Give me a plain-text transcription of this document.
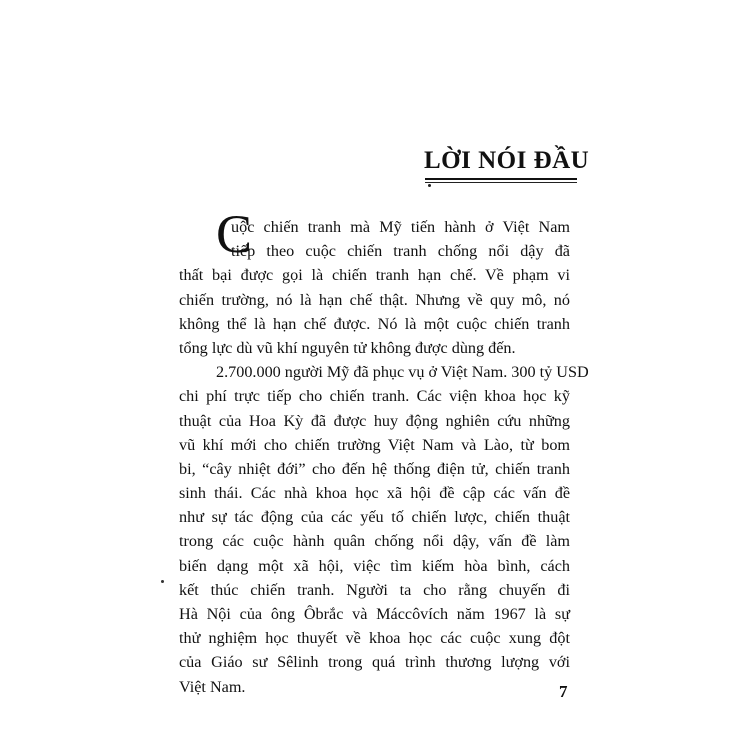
LỜI NÓI ĐẦU
C
uộc chiến tranh mà Mỹ tiến hành ở Việt Nam
tiếp theo cuộc chiến tranh chống nổi dậy đã
thất bại được gọi là chiến tranh hạn chế. Về phạm vi
chiến trường, nó là hạn chế thật. Nhưng về quy mô, nó
không thể là hạn chế được. Nó là một cuộc chiến tranh
tổng lực dù vũ khí nguyên tử không được dùng đến.
2.700.000 người Mỹ đã phục vụ ở Việt Nam. 300 tỷ USD
chi phí trực tiếp cho chiến tranh. Các viện khoa học kỹ
thuật của Hoa Kỳ đã được huy động nghiên cứu những
vũ khí mới cho chiến trường Việt Nam và Lào, từ bom
bi, “cây nhiệt đới” cho đến hệ thống điện tử, chiến tranh
sinh thái. Các nhà khoa học xã hội đề cập các vấn đề
như sự tác động của các yếu tố chiến lược, chiến thuật
trong các cuộc hành quân chống nổi dậy, vấn đề làm
biến dạng một xã hội, việc tìm kiếm hòa bình, cách
kết thúc chiến tranh. Người ta cho rằng chuyến đi
Hà Nội của ông Ôbrắc và Máccôvích năm 1967 là sự
thử nghiệm học thuyết về khoa học các cuộc xung đột
của Giáo sư Sêlinh trong quá trình thương lượng với
Việt Nam.	7
